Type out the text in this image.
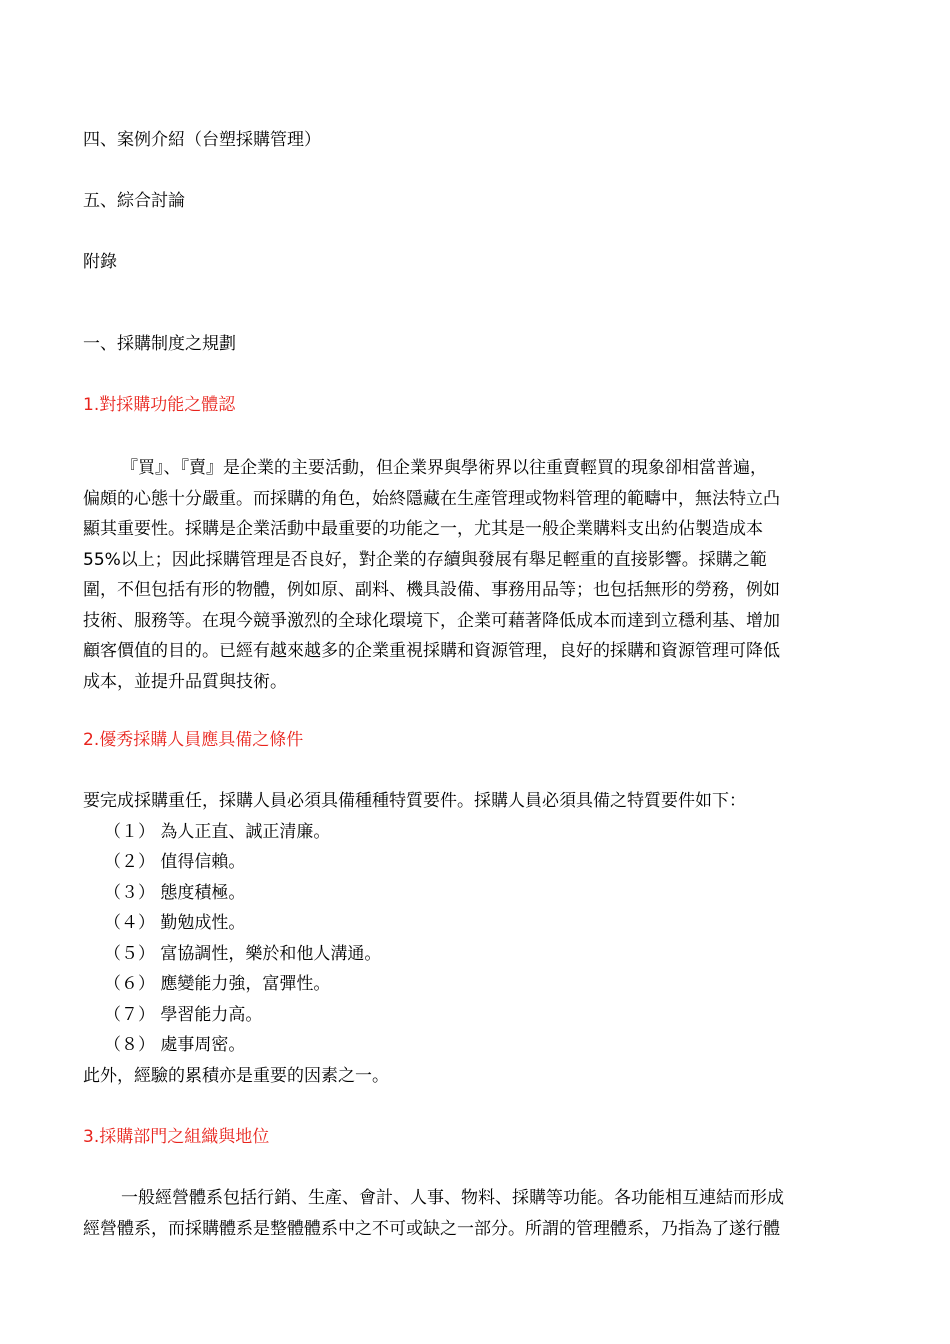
四、案例介紹（台塑採購管理）
五、綜合討論
附錄
一、採購制度之規劃
1.對採購功能之體認
『買』、『賣』是企業的主要活動，但企業界與學術界以往重賣輕買的現象卻相當普遍，
偏頗的心態十分嚴重。而採購的角色，始終隱藏在生產管理或物料管理的範疇中，無法特立凸
顯其重要性。採購是企業活動中最重要的功能之一，尤其是一般企業購料支出約佔製造成本
55%以上；因此採購管理是否良好，對企業的存續與發展有舉足輕重的直接影響。採購之範
圍，不但包括有形的物體，例如原、副料、機具設備、事務用品等；也包括無形的勞務，例如
技術、服務等。在現今競爭激烈的全球化環境下，企業可藉著降低成本而達到立穩利基、增加
顧客價值的目的。已經有越來越多的企業重視採購和資源管理，良好的採購和資源管理可降低
成本，並提升品質與技術。
2.優秀採購人員應具備之條件
要完成採購重任，採購人員必須具備種種特質要件。採購人員必須具備之特質要件如下：
（１） 為人正直、誠正清廉。
（２） 值得信賴。
（３） 態度積極。
（４） 勤勉成性。
（５） 富協調性，樂於和他人溝通。
（６） 應變能力強，富彈性。
（７） 學習能力高。
（８） 處事周密。
此外，經驗的累積亦是重要的因素之一。
3.採購部門之組織與地位
一般經營體系包括行銷、生產、會計、人事、物料、採購等功能。各功能相互連結而形成
經營體系，而採購體系是整體體系中之不可或缺之一部分。所謂的管理體系，乃指為了遂行體
